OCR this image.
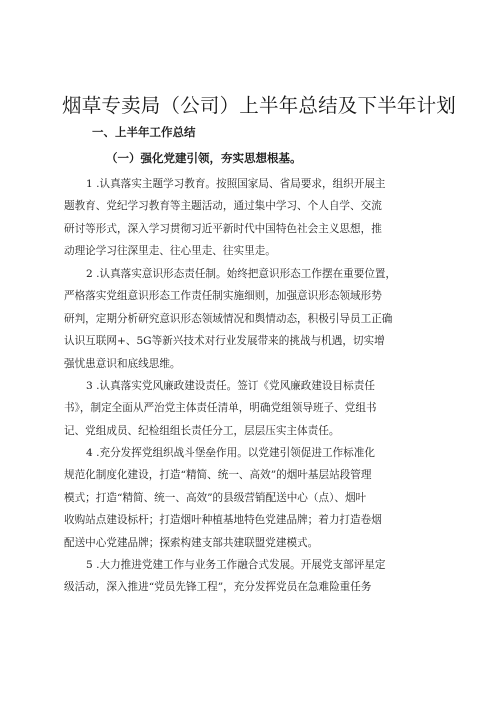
烟草专卖局（公司）上半年总结及下半年计划
一、上半年工作总结
（一）强化党建引领，夯实思想根基。
1 .认真落实主题学习教育。按照国家局、省局要求，组织开展主
题教育、党纪学习教育等主题活动，通过集中学习、个人自学、交流
研讨等形式，深入学习贯彻习近平新时代中国特色社会主义思想，推
动理论学习往深里走、往心里走、往实里走。
2 .认真落实意识形态责任制。始终把意识形态工作摆在重要位置，
严格落实党组意识形态工作责任制实施细则，加强意识形态领域形势
研判，定期分析研究意识形态领域情况和舆情动态，积极引导员工正确
认识互联网+、5G等新兴技术对行业发展带来的挑战与机遇，切实增
强忧患意识和底线思维。
3 .认真落实党风廉政建设责任。签订《党风廉政建设目标责任
书》，制定全面从严治党主体责任清单，明确党组领导班子、党组书
记、党组成员、纪检组组长责任分工，层层压实主体责任。
4 .充分发挥党组织战斗堡垒作用。以党建引领促进工作标准化
规范化制度化建设，打造“精简、统一、高效”的烟叶基层站段管理
模式；打造“精简、统一、高效”的县级营销配送中心（点）、烟叶
收购站点建设标杆；打造烟叶种植基地特色党建品牌；着力打造卷烟
配送中心党建品牌；探索构建支部共建联盟党建模式。
5 .大力推进党建工作与业务工作融合式发展。开展党支部评星定
级活动，深入推进“党员先锋工程”，充分发挥党员在急难险重任务
